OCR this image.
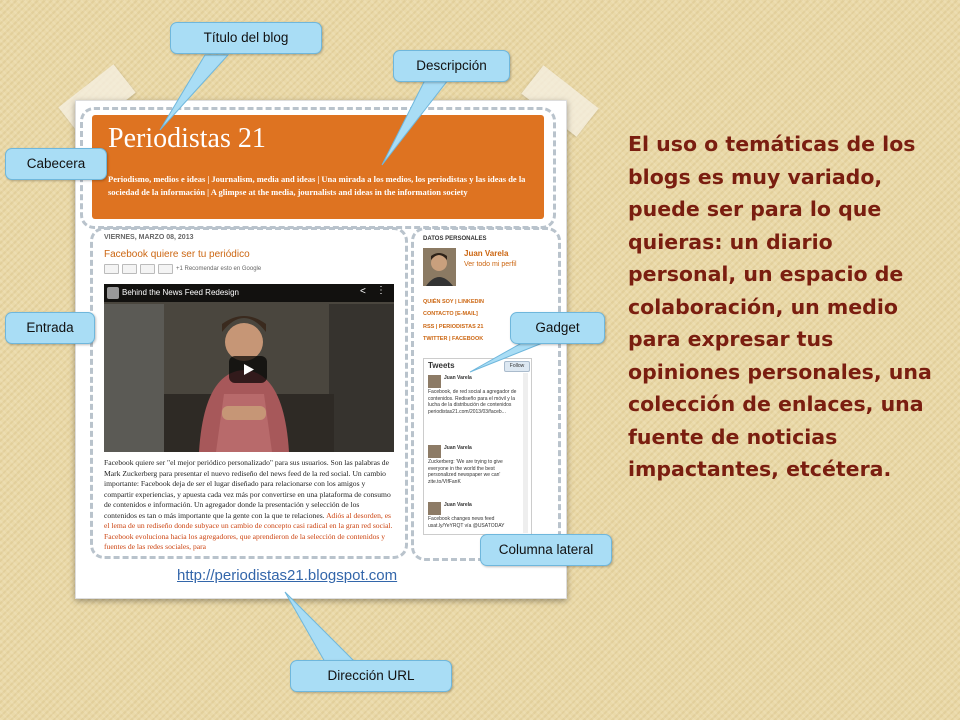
Periodistas 21
Periodismo, medios e ideas | Journalism, media and ideas | Una mirada a los medios, los periodistas y las ideas de la sociedad de la información | A glimpse at the media, journalists and ideas in the information society
VIERNES, MARZO 08, 2013
Facebook quiere ser tu periódico
+1 Recomendar esto en Google
Behind the News Feed Redesign	< ⋮
Facebook quiere ser "el mejor periódico personalizado" para sus usuarios. Son las palabras de Mark Zuckerberg para presentar el nuevo rediseño del news feed de la red social. Un cambio importante: Facebook deja de ser el lugar diseñado para relacionarse con los amigos y compartir experiencias, y apuesta cada vez más por convertirse en una plataforma de consumo de contenidos e información. Un agregador donde la presentación y selección de los contenidos es tan o más importante que la gente con la que te relaciones. Adiós al desorden, es el lema de un rediseño donde subyace un cambio de concepto casi radical en la gran red social. Facebook evoluciona hacia los agregadores, que aprendieron de la selección de contenidos y fuentes de las redes sociales, para
DATOS PERSONALES
Juan Varela
Ver todo mi perfil
QUIÉN SOY | LINKEDIN
CONTACTO [E-MAIL]
RSS | PERIODISTAS 21
TWITTER | FACEBOOK
Tweets	Follow
Juan Varela
Facebook, de red social a agregador de contenidos. Rediseño para el móvil y la lucha de la distribución de contenidos periodistas21.com/2013/03/faceb...
Juan Varela
Zuckerberg: 'We are trying to give everyone in the world the best personalized newspaper we can' zite.to/VIfFanK
Juan Varela
Facebook changes news feed usat.ly/YeYRQT vía @USATODAY
http://periodistas21.blogspot.com
Título del blog
Descripción
Cabecera
Entrada	Gadget
Columna lateral
Dirección URL
El uso o temáticas de los blogs es muy variado, puede ser para lo que quieras: un diario personal, un espacio de colaboración, un medio para expresar tus opiniones personales, una colección de enlaces, una fuente de noticias impactantes, etcétera.
